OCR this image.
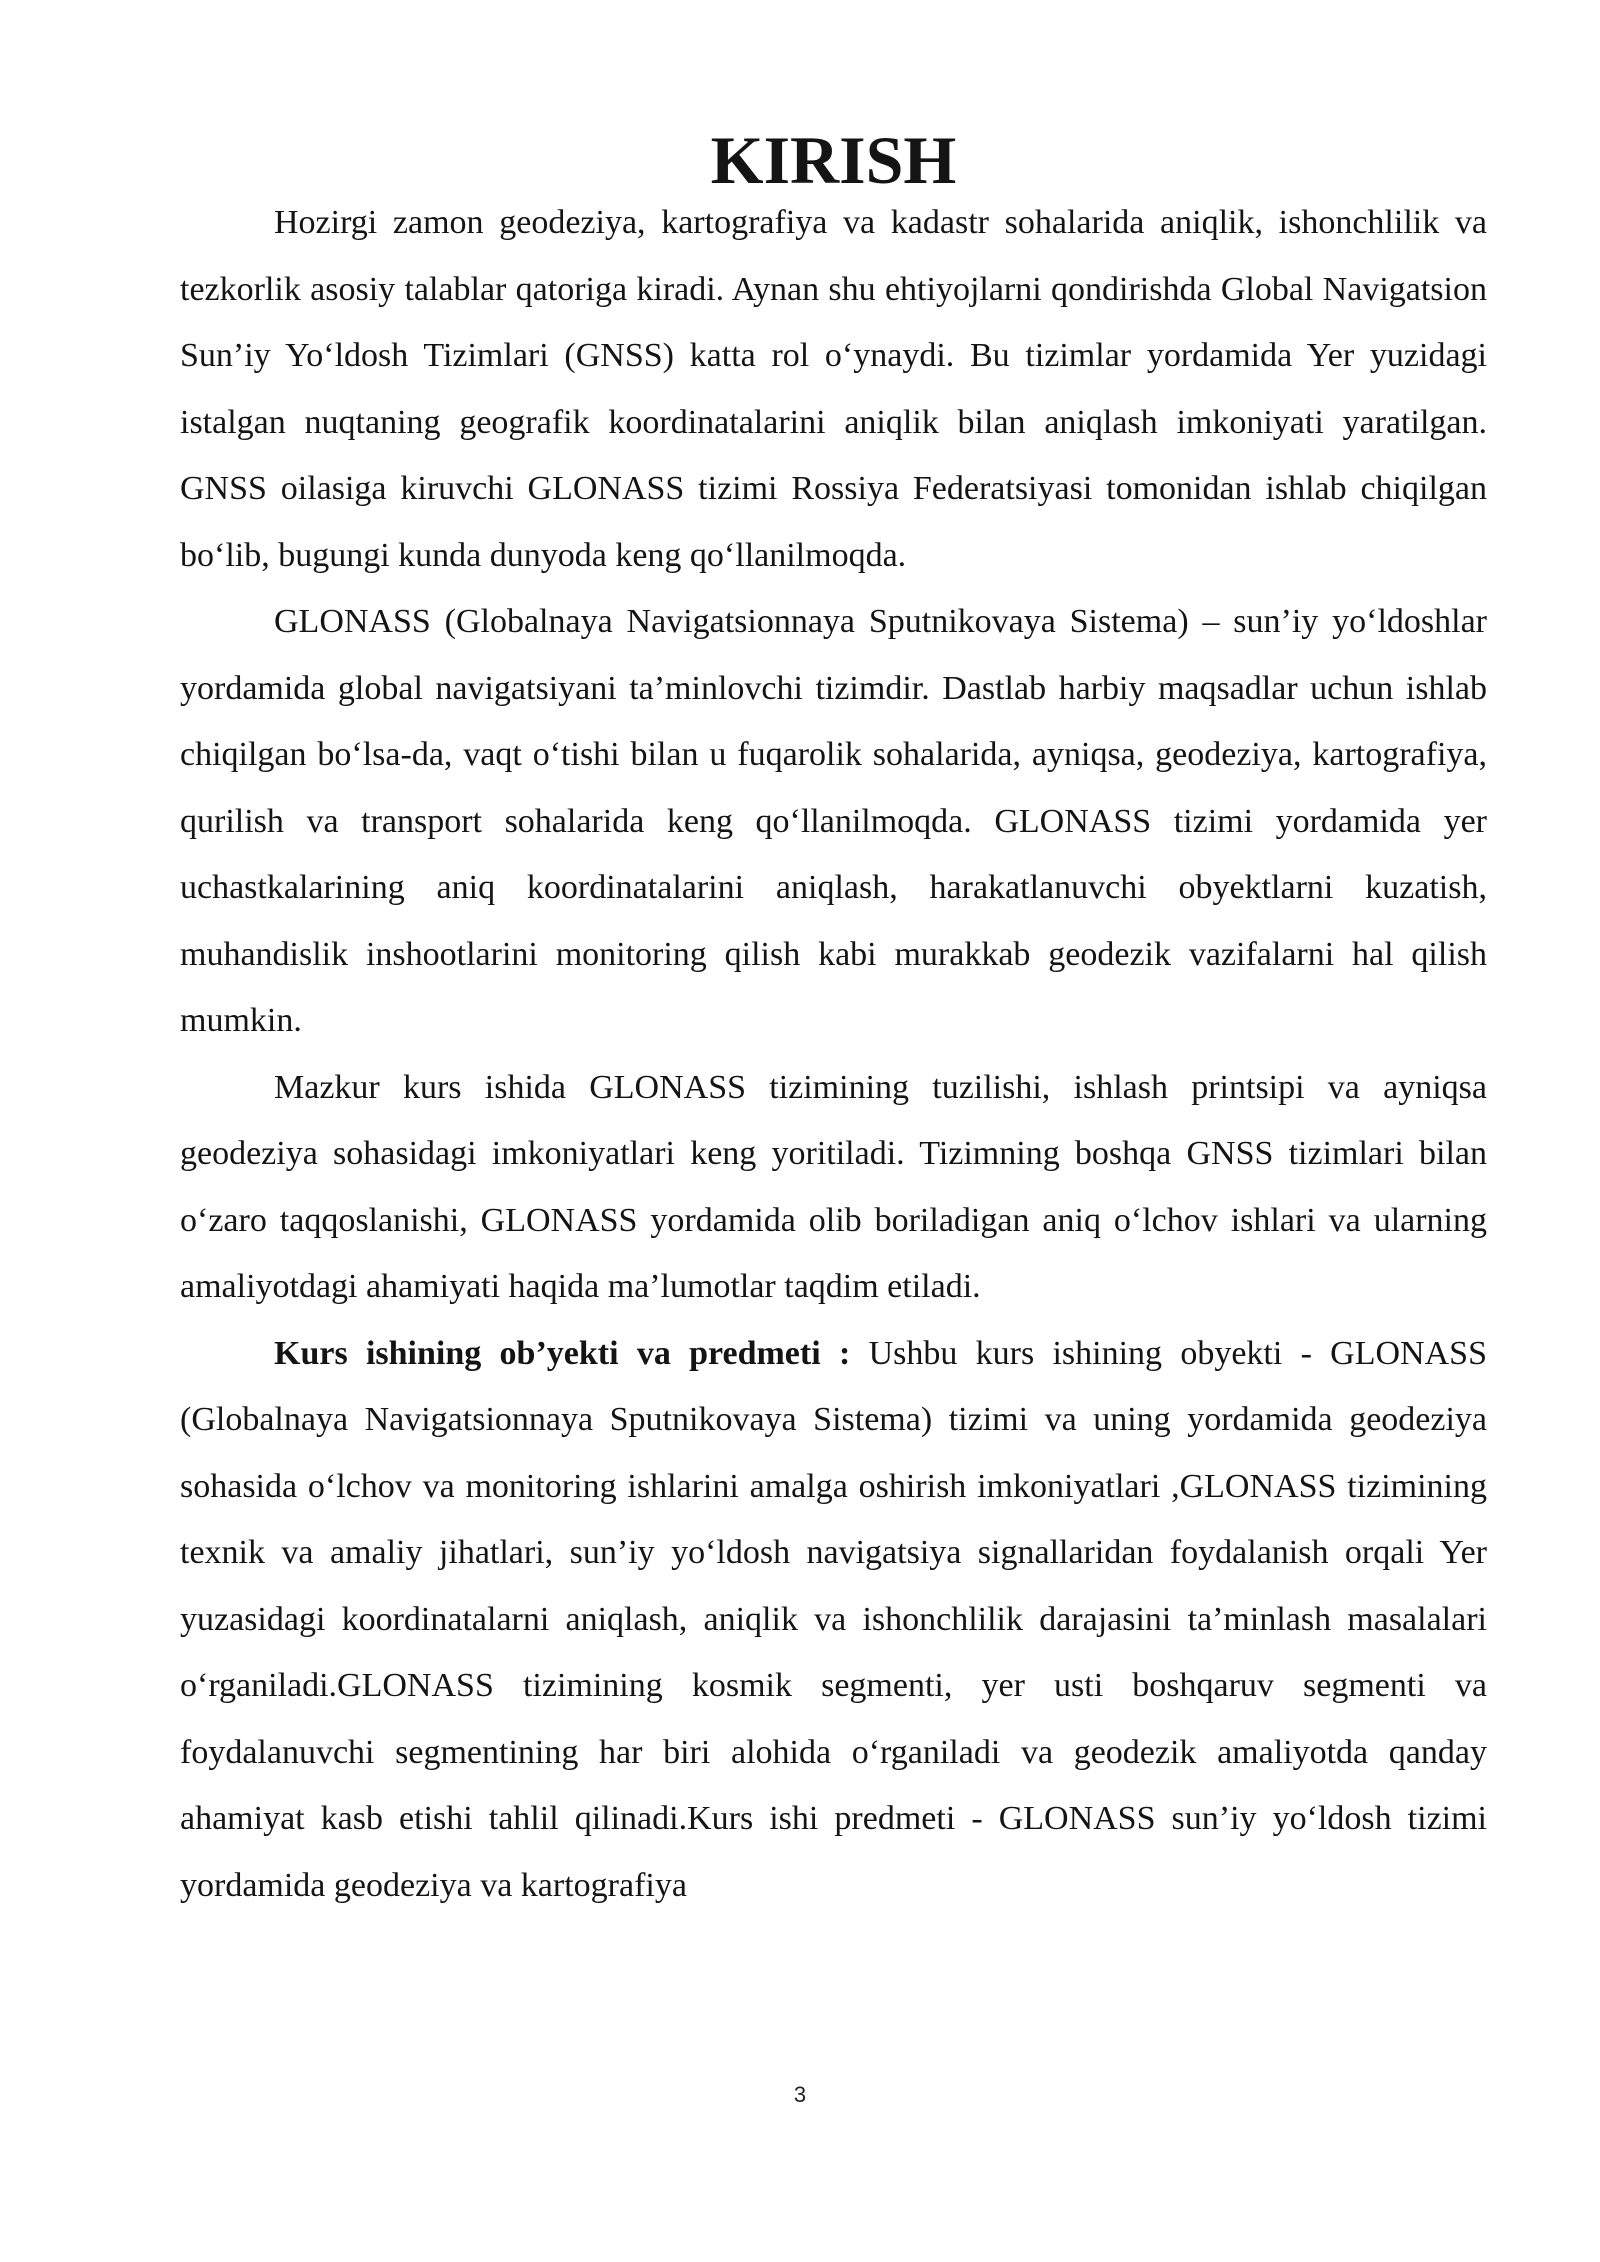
KIRISH

Hozirgi zamon geodeziya, kartografiya va kadastr sohalarida aniqlik, ishonchlilik va tezkorlik asosiy talablar qatoriga kiradi. Aynan shu ehtiyojlarni qondirishda Global Navigatsion Sun’iy Yo‘ldosh Tizimlari (GNSS) katta rol o‘ynaydi. Bu tizimlar yordamida Yer yuzidagi istalgan nuqtaning geografik koordinatalarini aniqlik bilan aniqlash imkoniyati yaratilgan. GNSS oilasiga kiruvchi GLONASS tizimi Rossiya Federatsiyasi tomonidan ishlab chiqilgan bo‘lib, bugungi kunda dunyoda keng qo‘llanilmoqda.

GLONASS (Globalnaya Navigatsionnaya Sputnikovaya Sistema) – sun’iy yo‘ldoshlar yordamida global navigatsiyani ta’minlovchi tizimdir. Dastlab harbiy maqsadlar uchun ishlab chiqilgan bo‘lsa-da, vaqt o‘tishi bilan u fuqarolik sohalarida, ayniqsa, geodeziya, kartografiya, qurilish va transport sohalarida keng qo‘llanilmoqda. GLONASS tizimi yordamida yer uchastkalarining aniq koordinatalarini aniqlash, harakatlanuvchi obyektlarni kuzatish, muhandislik inshootlarini monitoring qilish kabi murakkab geodezik vazifalarni hal qilish mumkin.

Mazkur kurs ishida GLONASS tizimining tuzilishi, ishlash printsipi va ayniqsa geodeziya sohasidagi imkoniyatlari keng yoritiladi. Tizimning boshqa GNSS tizimlari bilan o‘zaro taqqoslanishi, GLONASS yordamida olib boriladigan aniq o‘lchov ishlari va ularning amaliyotdagi ahamiyati haqida ma’lumotlar taqdim etiladi.

Kurs ishining ob’yekti va predmeti : Ushbu kurs ishining obyekti - GLONASS (Globalnaya Navigatsionnaya Sputnikovaya Sistema) tizimi va uning yordamida geodeziya sohasida o‘lchov va monitoring ishlarini amalga oshirish imkoniyatlari ,GLONASS tizimining texnik va amaliy jihatlari, sun’iy yo‘ldosh navigatsiya signallaridan foydalanish orqali Yer yuzasidagi koordinatalarni aniqlash, aniqlik va ishonchlilik darajasini ta’minlash masalalari o‘rganiladi.GLONASS tizimining kosmik segmenti, yer usti boshqaruv segmenti va foydalanuvchi segmentining har biri alohida o‘rganiladi va geodezik amaliyotda qanday ahamiyat kasb etishi tahlil qilinadi.Kurs ishi predmeti - GLONASS sun’iy yo‘ldosh tizimi yordamida geodeziya va kartografiya

3
